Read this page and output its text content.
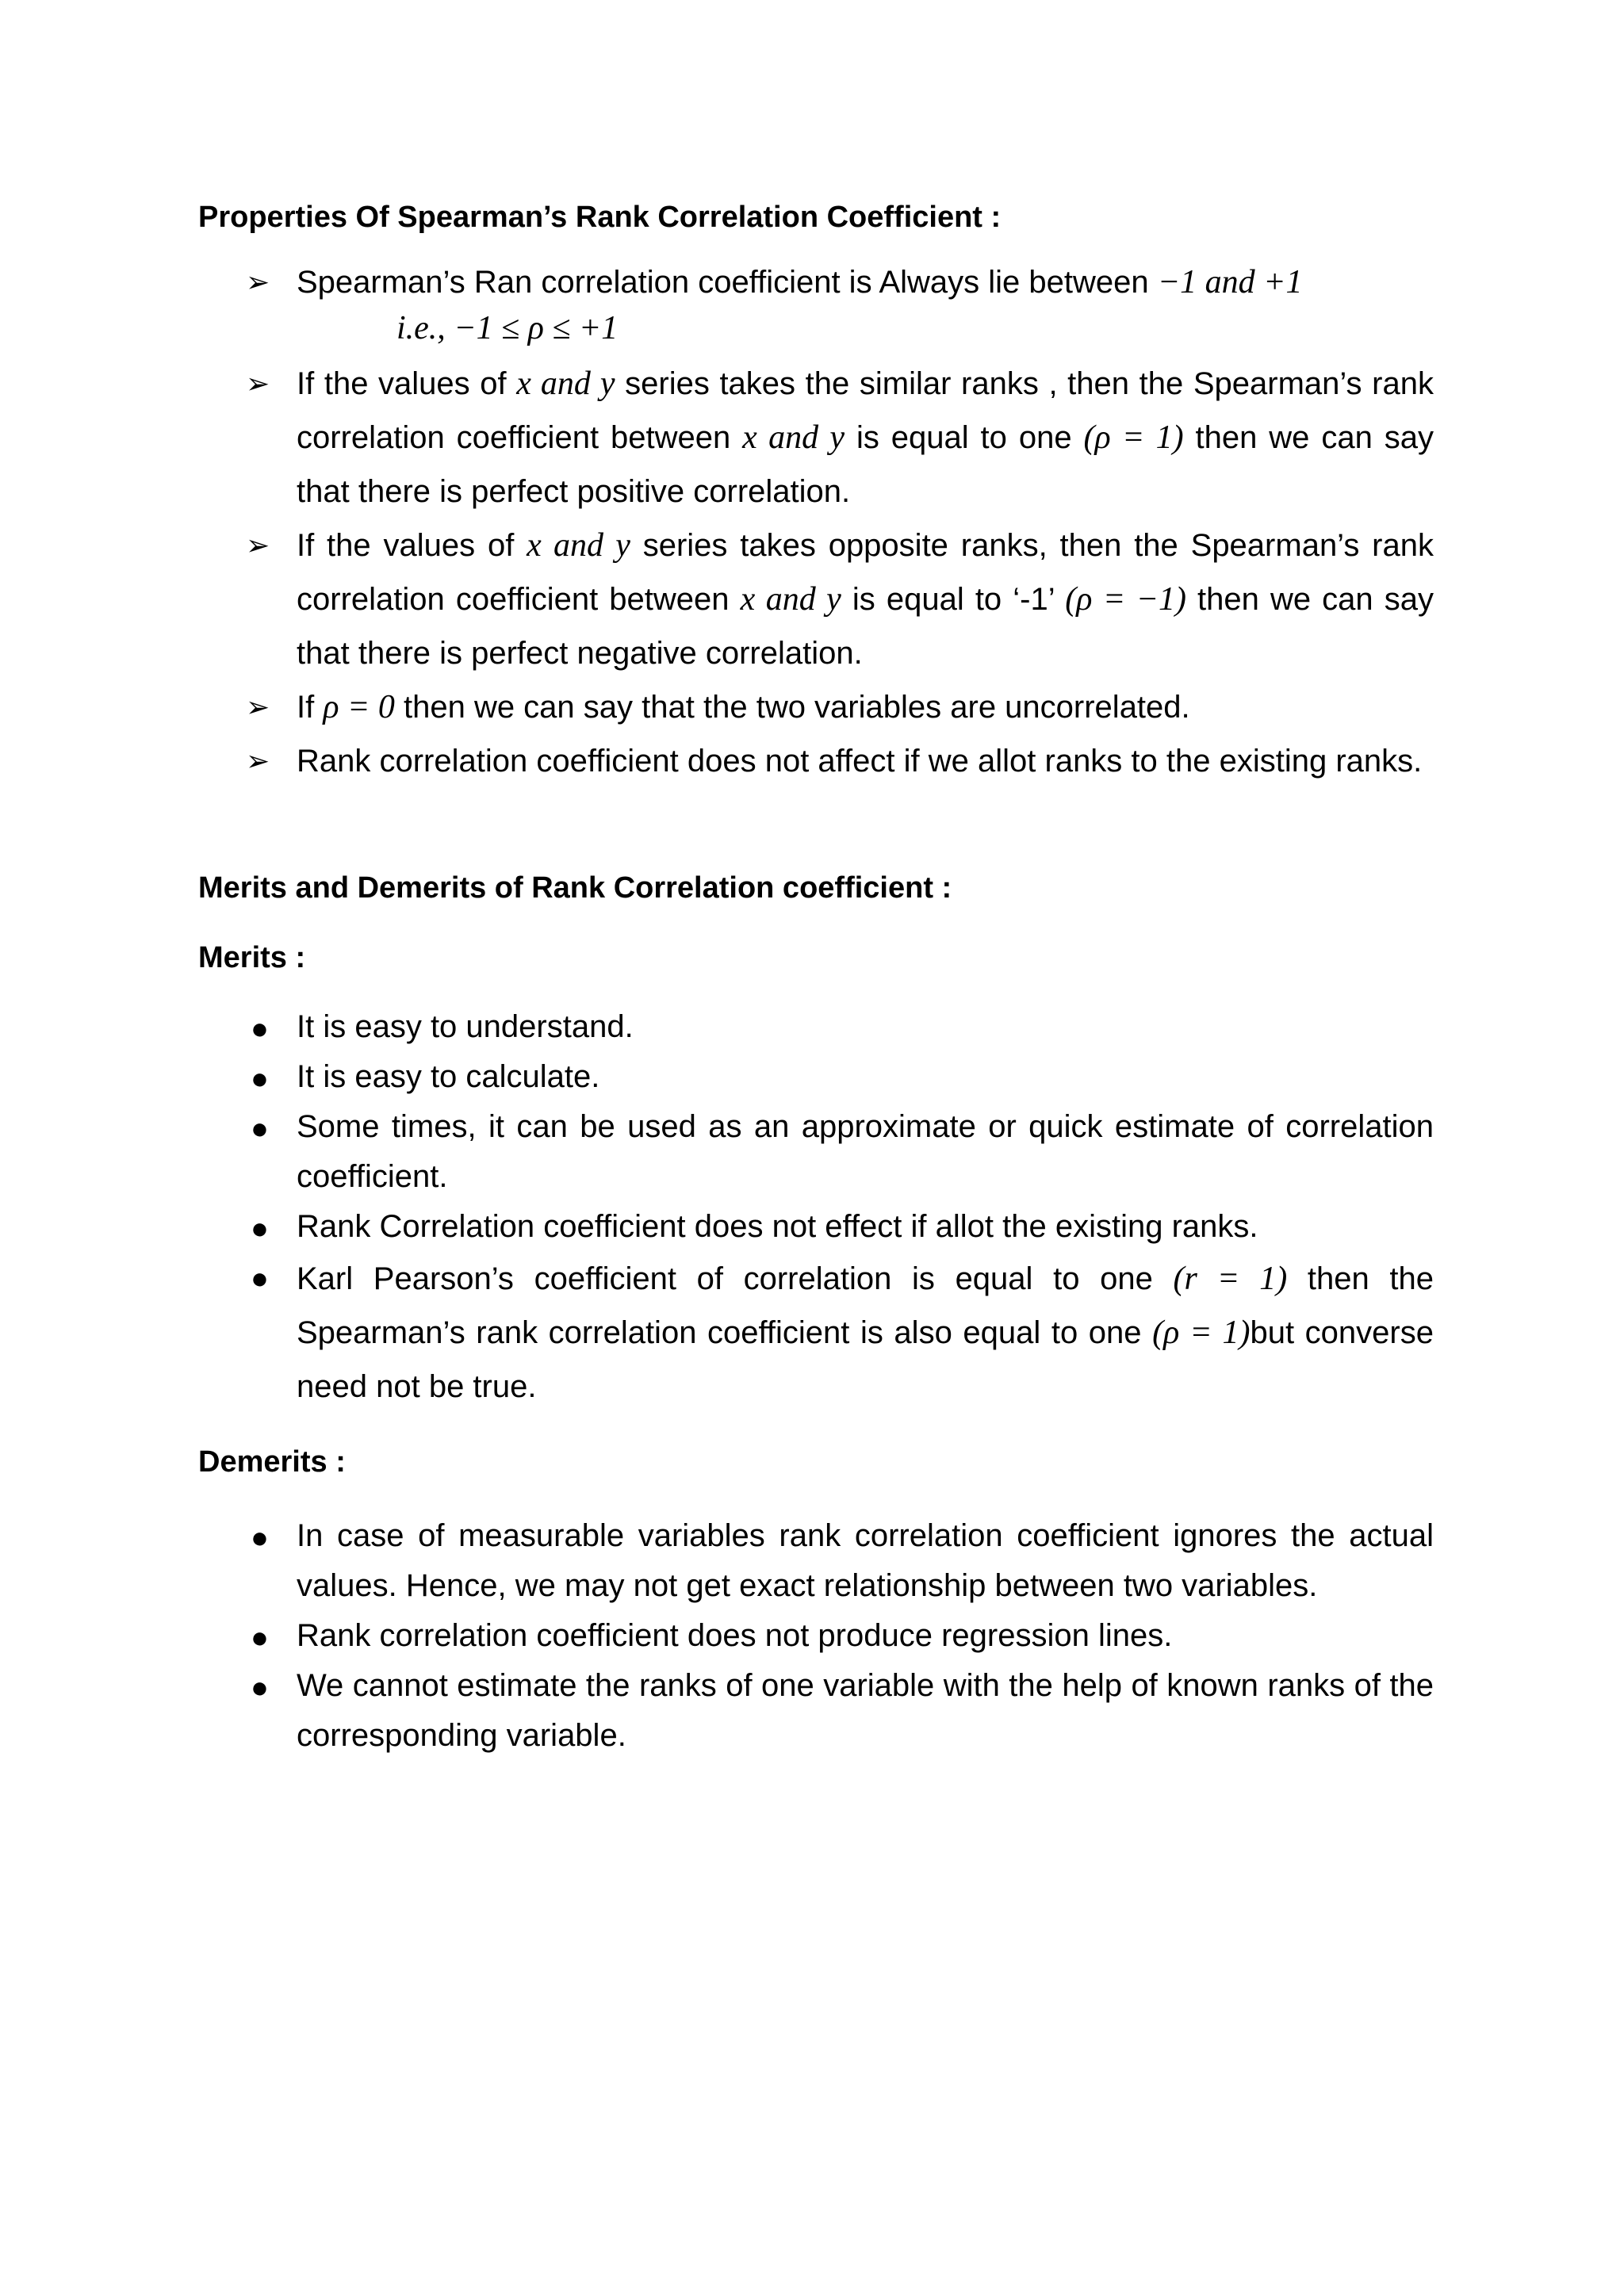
Properties Of Spearman’s Rank Correlation Coefficient :
➢ Spearman’s Ran correlation coefficient is Always lie between −1 and +1
i.e., −1 ≤ ρ ≤ +1
➢ If the values of x and y series takes the similar ranks , then the Spearman’s rank correlation coefficient between x and y is equal to one (ρ = 1) then we can say that there is perfect positive correlation.
➢ If the values of x and y series takes opposite ranks, then the Spearman’s rank correlation coefficient between x and y is equal to ‘-1’ (ρ = −1) then we can say that there is perfect negative correlation.
➢ If ρ = 0 then we can say that the two variables are uncorrelated.
➢ Rank correlation coefficient does not affect if we allot ranks to the existing ranks.
Merits and Demerits of Rank Correlation coefficient :
Merits :
● It is easy to understand.
● It is easy to calculate.
● Some times, it can be used as an approximate or quick estimate of correlation coefficient.
● Rank Correlation coefficient does not effect if allot the existing ranks.
● Karl Pearson’s coefficient of correlation is equal to one (r = 1) then the Spearman’s rank correlation coefficient is also equal to one (ρ = 1)but converse need not be true.
Demerits :
● In case of measurable variables rank correlation coefficient ignores the actual values. Hence, we may not get exact relationship between two variables.
● Rank correlation coefficient does not produce regression lines.
● We cannot estimate the ranks of one variable with the help of known ranks of the corresponding variable.
